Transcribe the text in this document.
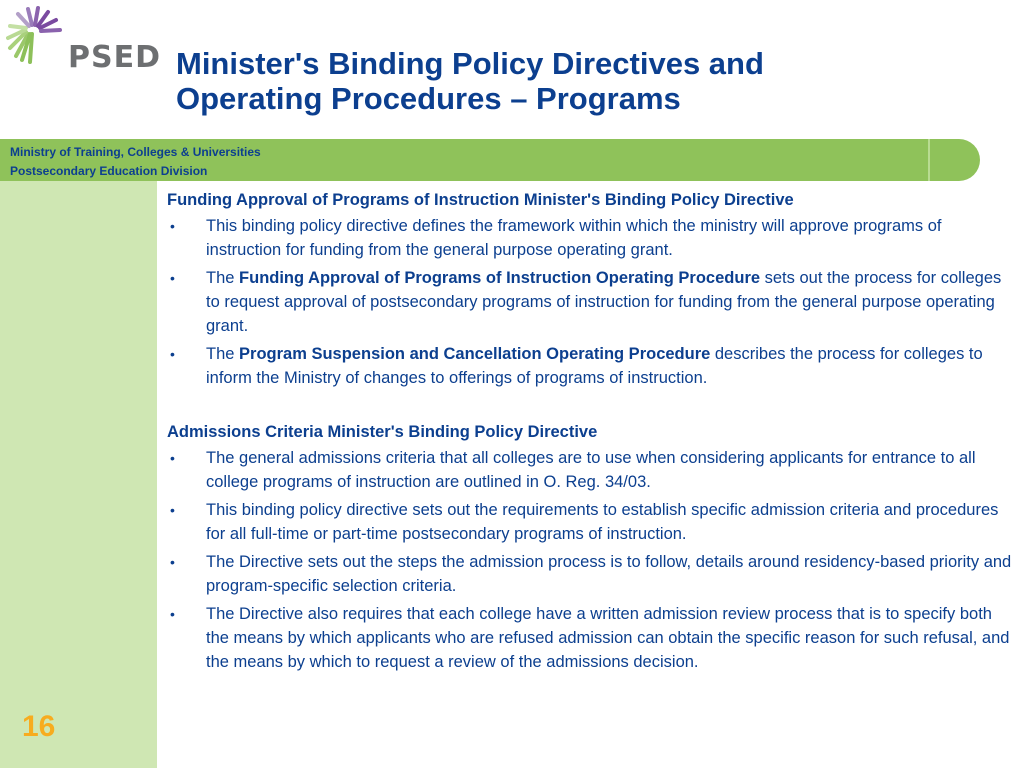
PSED Minister's Binding Policy Directives and
Operating Procedures – Programs
Ministry of Training, Colleges & Universities
Postsecondary Education Division
16

Funding Approval of Programs of Instruction Minister's Binding Policy Directive

• This binding policy directive defines the framework within which the ministry will approve programs of instruction for funding from the general purpose operating grant.
• The Funding Approval of Programs of Instruction Operating Procedure sets out the process for colleges to request approval of postsecondary programs of instruction for funding from the general purpose operating grant.
• The Program Suspension and Cancellation Operating Procedure describes the process for colleges to inform the Ministry of changes to offerings of programs of instruction.

Admissions Criteria Minister's Binding Policy Directive

• The general admissions criteria that all colleges are to use when considering applicants for entrance to all college programs of instruction are outlined in O. Reg. 34/03.
• This binding policy directive sets out the requirements to establish specific admission criteria and procedures for all full-time or part-time postsecondary programs of instruction.
• The Directive sets out the steps the admission process is to follow, details around residency-based priority and program-specific selection criteria.
• The Directive also requires that each college have a written admission review process that is to specify both the means by which applicants who are refused admission can obtain the specific reason for such refusal, and the means by which to request a review of the admissions decision.
